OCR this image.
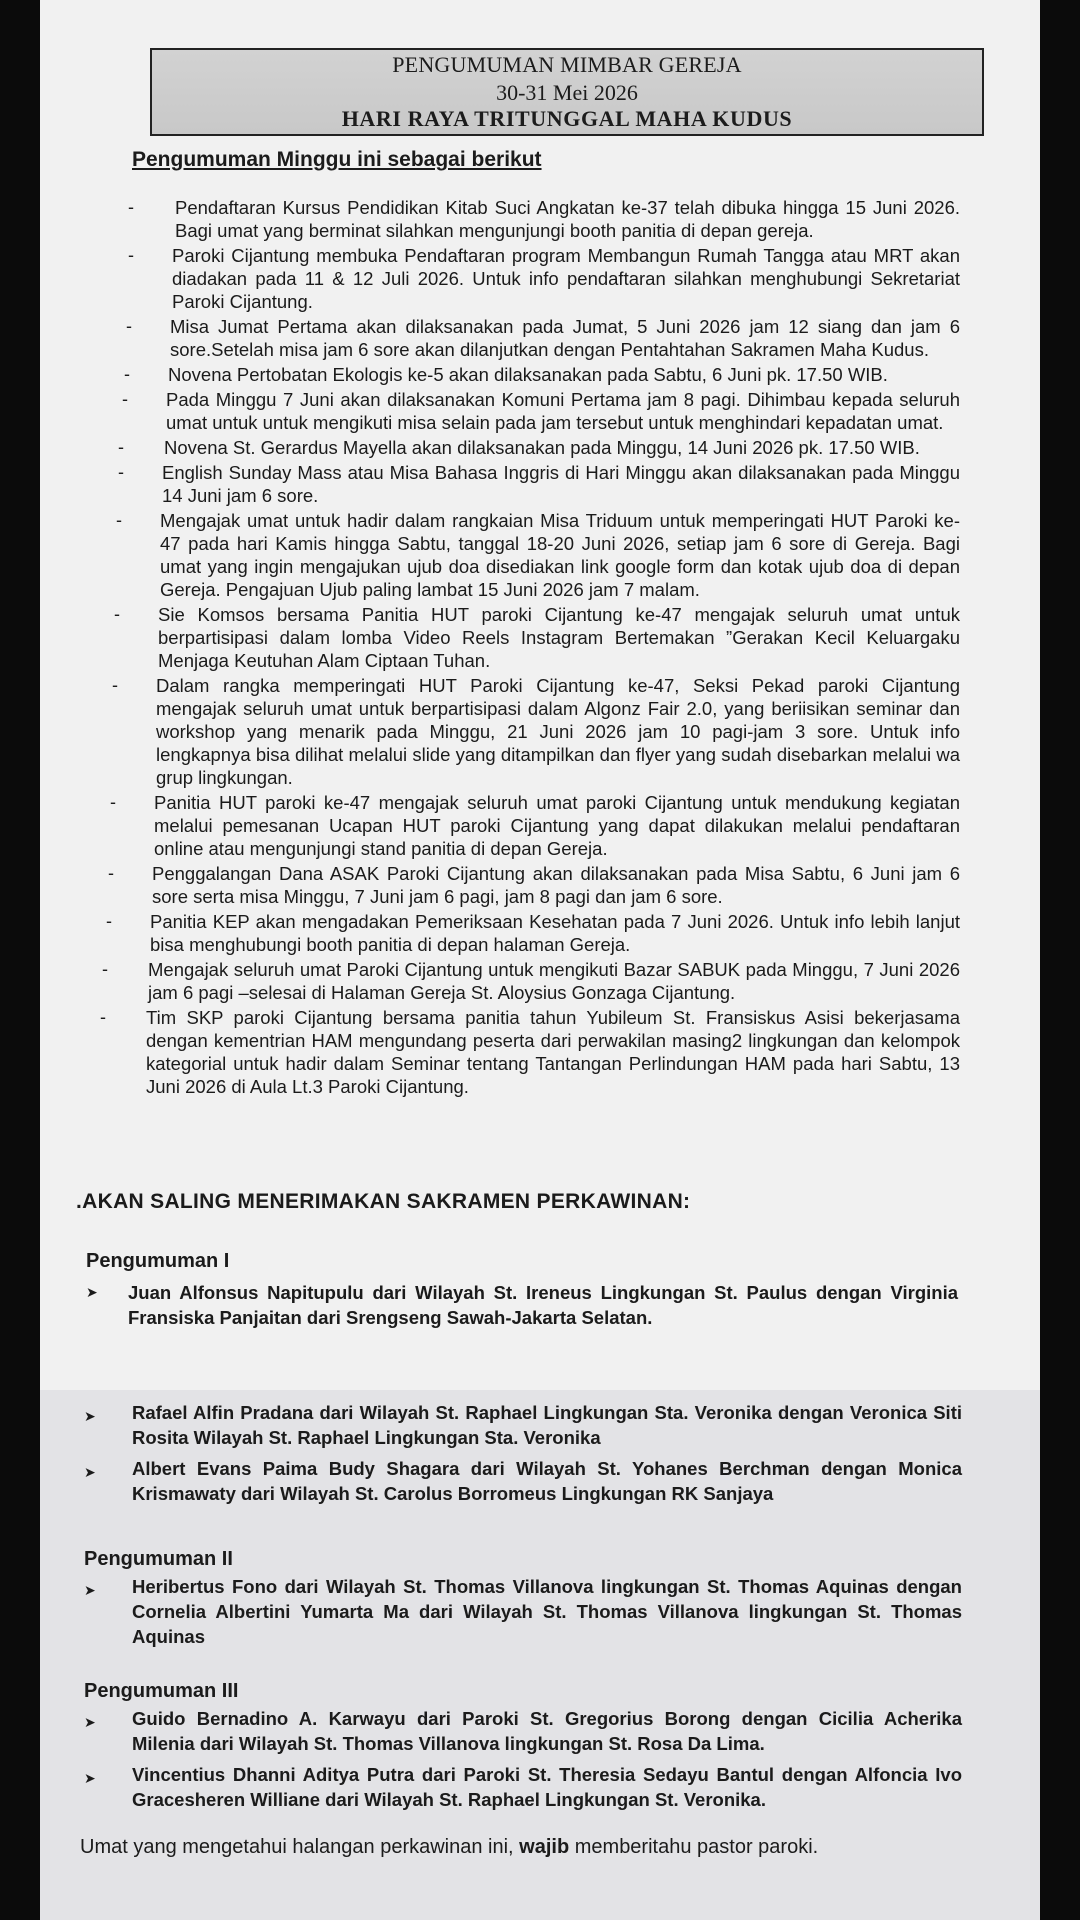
PENGUMUMAN MIMBAR GEREJA
30-31 Mei 2026
HARI RAYA TRITUNGGAL MAHA KUDUS
Pengumuman Minggu ini sebagai berikut
- Pendaftaran Kursus Pendidikan Kitab Suci Angkatan ke-37 telah dibuka hingga 15 Juni 2026. Bagi umat yang berminat silahkan mengunjungi booth panitia di depan gereja.
- Paroki Cijantung membuka Pendaftaran program Membangun Rumah Tangga atau MRT akan diadakan pada 11 & 12 Juli 2026. Untuk info pendaftaran silahkan menghubungi Sekretariat Paroki Cijantung.
- Misa Jumat Pertama akan dilaksanakan pada Jumat, 5 Juni 2026 jam 12 siang dan jam 6 sore.Setelah misa jam 6 sore akan dilanjutkan dengan Pentahtahan Sakramen Maha Kudus.
- Novena Pertobatan Ekologis ke-5 akan dilaksanakan pada Sabtu, 6 Juni pk. 17.50 WIB.
- Pada Minggu 7 Juni akan dilaksanakan Komuni Pertama jam 8 pagi. Dihimbau kepada seluruh umat untuk untuk mengikuti misa selain pada jam tersebut untuk menghindari kepadatan umat.
- Novena St. Gerardus Mayella akan dilaksanakan pada Minggu, 14 Juni 2026 pk. 17.50 WIB.
- English Sunday Mass atau Misa Bahasa Inggris di Hari Minggu akan dilaksanakan pada Minggu 14 Juni jam 6 sore.
- Mengajak umat untuk hadir dalam rangkaian Misa Triduum untuk memperingati HUT Paroki ke-47 pada hari Kamis hingga Sabtu, tanggal 18-20 Juni 2026, setiap jam 6 sore di Gereja. Bagi umat yang ingin mengajukan ujub doa disediakan link google form dan kotak ujub doa di depan Gereja. Pengajuan Ujub paling lambat 15 Juni 2026 jam 7 malam.
- Sie Komsos bersama Panitia HUT paroki Cijantung ke-47 mengajak seluruh umat untuk berpartisipasi dalam lomba Video Reels Instagram Bertemakan ”Gerakan Kecil Keluargaku Menjaga Keutuhan Alam Ciptaan Tuhan.
- Dalam rangka memperingati HUT Paroki Cijantung ke-47, Seksi Pekad paroki Cijantung mengajak seluruh umat untuk berpartisipasi dalam Algonz Fair 2.0, yang beriisikan seminar dan workshop yang menarik pada Minggu, 21 Juni 2026 jam 10 pagi-jam 3 sore. Untuk info lengkapnya bisa dilihat melalui slide yang ditampilkan dan flyer yang sudah disebarkan melalui wa grup lingkungan.
- Panitia HUT paroki ke-47 mengajak seluruh umat paroki Cijantung untuk mendukung kegiatan melalui pemesanan Ucapan HUT paroki Cijantung yang dapat dilakukan melalui pendaftaran online atau mengunjungi stand panitia di depan Gereja.
- Penggalangan Dana ASAK Paroki Cijantung akan dilaksanakan pada Misa Sabtu, 6 Juni jam 6 sore serta misa Minggu, 7 Juni jam 6 pagi, jam 8 pagi dan jam 6 sore.
- Panitia KEP akan mengadakan Pemeriksaan Kesehatan pada 7 Juni 2026. Untuk info lebih lanjut bisa menghubungi booth panitia di depan halaman Gereja.
- Mengajak seluruh umat Paroki Cijantung untuk mengikuti Bazar SABUK pada Minggu, 7 Juni 2026 jam 6 pagi –selesai di Halaman Gereja St. Aloysius Gonzaga Cijantung.
- Tim SKP paroki Cijantung bersama panitia tahun Yubileum St. Fransiskus Asisi bekerjasama dengan kementrian HAM mengundang peserta dari perwakilan masing2 lingkungan dan kelompok kategorial untuk hadir dalam Seminar tentang Tantangan Perlindungan HAM pada hari Sabtu, 13 Juni 2026 di Aula Lt.3 Paroki Cijantung.
.AKAN SALING MENERIMAKAN SAKRAMEN PERKAWINAN:
Pengumuman I
➤ Juan Alfonsus Napitupulu dari Wilayah St. Ireneus Lingkungan St. Paulus dengan Virginia Fransiska Panjaitan dari Srengseng Sawah-Jakarta Selatan.
➤ Rafael Alfin Pradana dari Wilayah St. Raphael Lingkungan Sta. Veronika dengan Veronica Siti Rosita Wilayah St. Raphael Lingkungan Sta. Veronika
➤ Albert Evans Paima Budy Shagara dari Wilayah St. Yohanes Berchman dengan Monica Krismawaty dari Wilayah St. Carolus Borromeus Lingkungan RK Sanjaya
Pengumuman II
➤ Heribertus Fono dari Wilayah St. Thomas Villanova lingkungan St. Thomas Aquinas dengan Cornelia Albertini Yumarta Ma dari Wilayah St. Thomas Villanova lingkungan St. Thomas Aquinas
Pengumuman III
➤ Guido Bernadino A. Karwayu dari Paroki St. Gregorius Borong dengan Cicilia Acherika Milenia dari Wilayah St. Thomas Villanova lingkungan St. Rosa Da Lima.
➤ Vincentius Dhanni Aditya Putra dari Paroki St. Theresia Sedayu Bantul dengan Alfoncia Ivo Gracesheren Williane dari Wilayah St. Raphael Lingkungan St. Veronika.
Umat yang mengetahui halangan perkawinan ini, wajib memberitahu pastor paroki.
